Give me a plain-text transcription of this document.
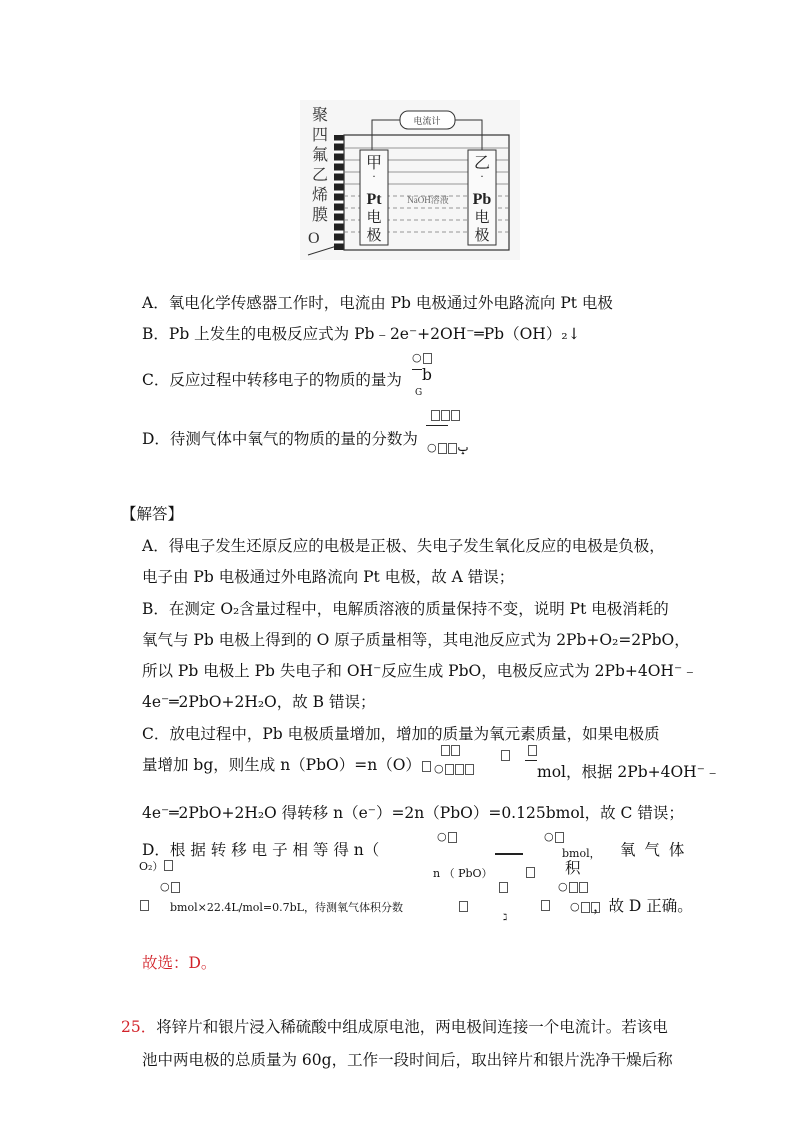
聚
四
氟
乙
烯
膜
O
电流计
甲
·
Pt
电
极
乙
·
Pb
电
极
NaOH溶液
A．氧电化学传感器工作时，电流由 Pb 电极通过外电路流向 Pt 电极
B．Pb 上发生的电极反应式为 Pb﹣2e⁻+2OH⁻═Pb（OH）₂↓
C．反应过程中转移电子的物质的量为
○
b
G
D．待测气体中氧气的物质的量的分数为 ○ ݒ
【解答】
A．得电子发生还原反应的电极是正极、失电子发生氧化反应的电极是负极，
电子由 Pb 电极通过外电路流向 Pt 电极，故 A 错误；
B．在测定 O₂含量过程中，电解质溶液的质量保持不变，说明 Pt 电极消耗的
氧气与 Pb 电极上得到的 O 原子质量相等，其电池反应式为 2Pb+O₂=2PbO，
所以 Pb 电极上 Pb 失电子和 OH⁻反应生成 PbO，电极反应式为 2Pb+4OH⁻﹣
4e⁻═2PbO+2H₂O，故 B 错误；
C．放电过程中，Pb 电极质量增加，增加的质量为氧元素质量，如果电极质
量增加 bg，则生成 n（PbO）=n（O）	○	mol，根据 2Pb+4OH⁻﹣
4e⁻═2PbO+2H₂O 得转移 n（e⁻）=2n（PbO）=0.125bmol，故 C 错误；
D．根 据 转 移 电 子 相 等 得 n（
○	○
bmol， 氧 气 体
O₂）
n （ PbO）	积
○
bmol×22.4L/mol=0.7bL，待测氧气体积分数
ℷ
○
○ ，故 D 正确。
故选：D。
25．将锌片和银片浸入稀硫酸中组成原电池，两电极间连接一个电流计。若该电
池中两电极的总质量为 60g，工作一段时间后，取出锌片和银片洗净干燥后称
